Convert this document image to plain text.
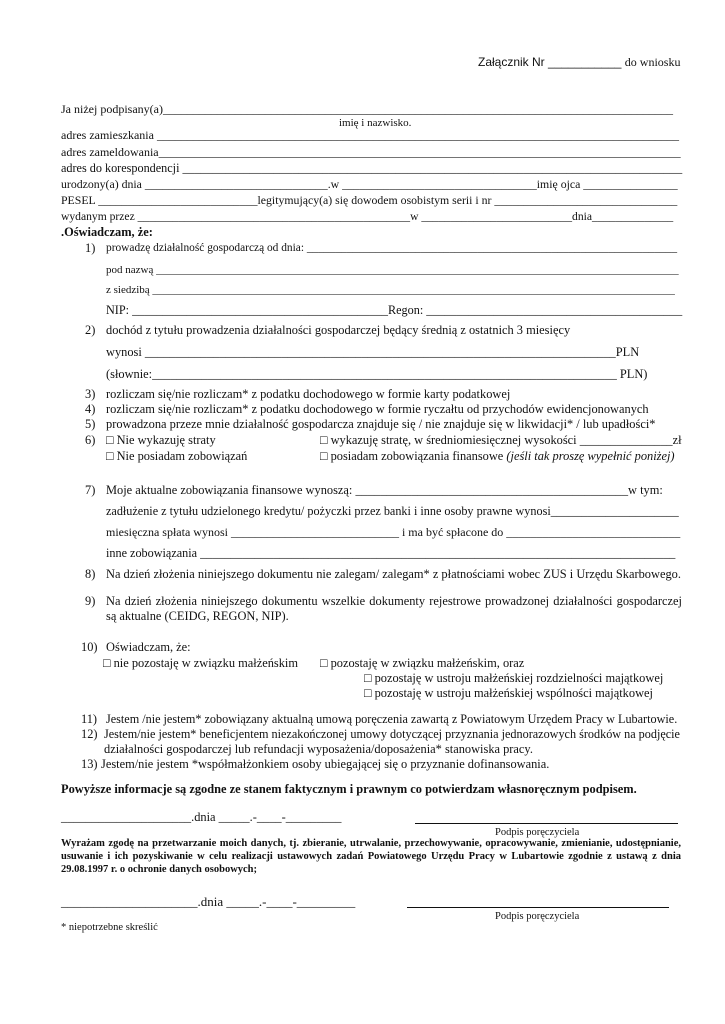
Załącznik Nr ___________ do wniosku
Ja niżej podpisany(a)_____________________________________________________________________________________
imię i nazwisko.
adres zamieszkania _______________________________________________________________________________________
adres zameldowania_______________________________________________________________________________________
adres do korespondencji __________________________________________________________________________________
urodzony(a) dnia _______________________________.w _________________________________imię ojca ________________
PESEL ___________________________legitymujący(a) się dowodem osobistym serii i nr _______________________________
wydanym przez _______________________________________________w __________________________dnia______________
.Oświadczam, że:
1) prowadzę działalność gospodarczą od dnia: _________________________________________________________________
pod nazwą _______________________________________________________________________________________________
z siedzibą _______________________________________________________________________________________________
NIP: __________________________________________Regon: __________________________________________
2) dochód z tytułu prowadzenia działalności gospodarczej będący średnią z ostatnich 3 miesięcy
wynosi ____________________________________________________________________________PLN
(słownie:___________________________________________________________________________ PLN)
3) rozliczam się/nie rozliczam* z podatku dochodowego w formie karty podatkowej
4) rozliczam się/nie rozliczam* z podatku dochodowego w formie ryczałtu od przychodów ewidencjonowanych
5) prowadzona przeze mnie działalność gospodarcza znajduje się / nie znajduje się w likwidacji* / lub upadłości*
6) □ Nie wykazuję straty	□ wykazuję stratę, w średniomiesięcznej wysokości _______________zł
□ Nie posiadam zobowiązań	□ posiadam zobowiązania finansowe (jeśli tak proszę wypełnić poniżej)
7) Moje aktualne zobowiązania finansowe wynoszą: ____________________________________________w tym:
zadłużenie z tytułu udzielonego kredytu/ pożyczki przez banki i inne osoby prawne wynosi_____________________
miesięczna spłata wynosi ____________________________ i ma być spłacone do _____________________________
inne zobowiązania ______________________________________________________________________________
8) Na dzień złożenia niniejszego dokumentu nie zalegam/ zalegam* z płatnościami wobec ZUS i Urzędu Skarbowego.
9) Na dzień złożenia niniejszego dokumentu wszelkie dokumenty rejestrowe prowadzonej działalności gospodarczej są aktualne (CEIDG, REGON, NIP).
10) Oświadczam, że:
□ nie pozostaję w związku małżeńskim □ pozostaję w związku małżeńskim, oraz
□ pozostaję w ustroju małżeńskiej rozdzielności majątkowej
□ pozostaję w ustroju małżeńskiej wspólności majątkowej
11) Jestem /nie jestem* zobowiązany aktualną umową poręczenia zawartą z Powiatowym Urzędem Pracy w Lubartowie.
12) Jestem/nie jestem* beneficjentem niezakończonej umowy dotyczącej przyznania jednorazowych środków na podjęcie
działalności gospodarczej lub refundacji wyposażenia/doposażenia* stanowiska pracy.
13) Jestem/nie jestem *współmałżonkiem osoby ubiegającej się o przyznanie dofinansowania.
Powyższe informacje są zgodne ze stanem faktycznym i prawnym co potwierdzam własnoręcznym podpisem.
_____________________.dnia _____.-____-_________
Podpis poręczyciela
Wyrażam zgodę na przetwarzanie moich danych, tj. zbieranie, utrwalanie, przechowywanie, opracowywanie, zmienianie, udostępnianie, usuwanie i ich pozyskiwanie w celu realizacji ustawowych zadań Powiatowego Urzędu Pracy w Lubartowie zgodnie z ustawą z dnia 29.08.1997 r. o ochronie danych osobowych;
_____________________.dnia _____.-____-_________
Podpis poręczyciela
* niepotrzebne skreślić
